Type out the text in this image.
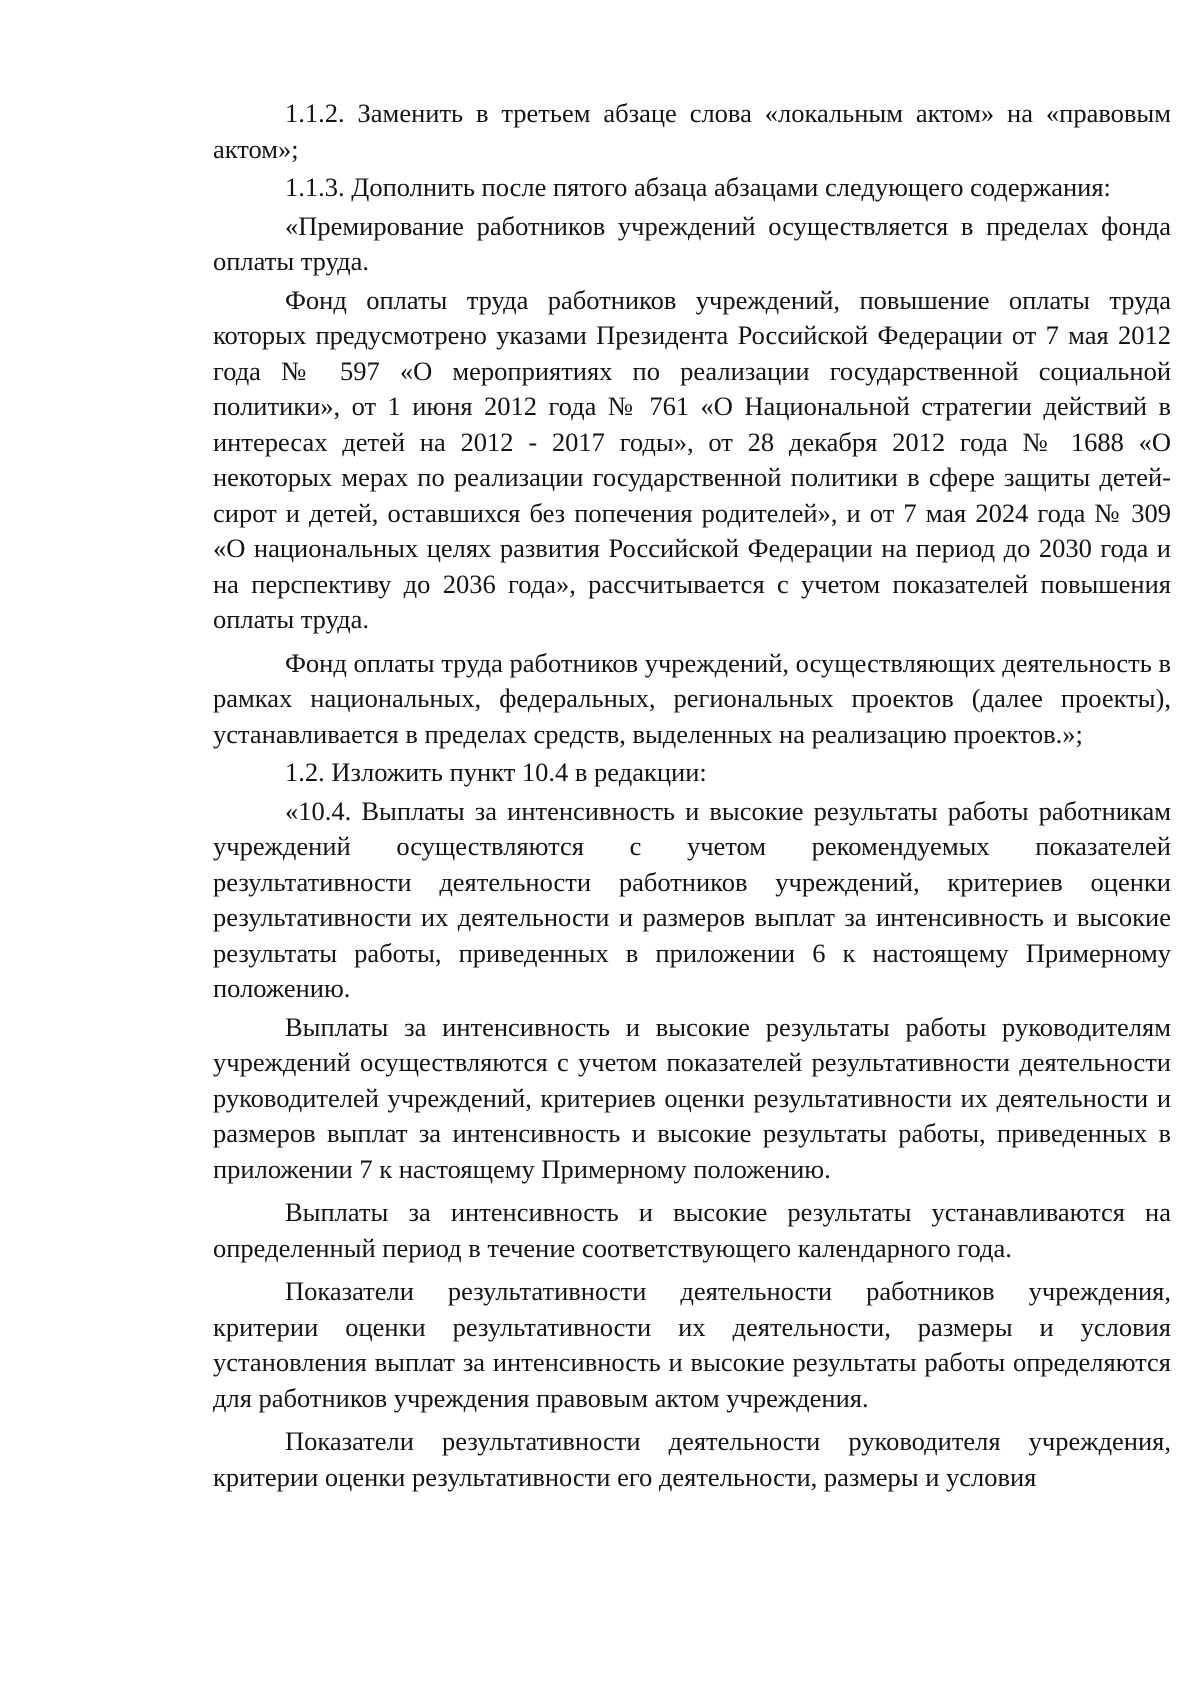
1.1.2. Заменить в третьем абзаце слова «локальным актом» на «правовым актом»;

1.1.3. Дополнить после пятого абзаца абзацами следующего содержания:

«Премирование работников учреждений осуществляется в пределах фонда оплаты труда.

Фонд оплаты труда работников учреждений, повышение оплаты труда которых предусмотрено указами Президента Российской Федерации от 7 мая 2012 года № 597 «О мероприятиях по реализации государственной социальной политики», от 1 июня 2012 года № 761 «О Национальной стратегии действий в интересах детей на 2012 - 2017 годы», от 28 декабря 2012 года № 1688 «О некоторых мерах по реализации государственной политики в сфере защиты детей-сирот и детей, оставшихся без попечения родителей», и от 7 мая 2024 года № 309 «О национальных целях развития Российской Федерации на период до 2030 года и на перспективу до 2036 года», рассчитывается с учетом показателей повышения оплаты труда.

Фонд оплаты труда работников учреждений, осуществляющих деятельность в рамках национальных, федеральных, региональных проектов (далее проекты), устанавливается в пределах средств, выделенных на реализацию проектов.»;

1.2. Изложить пункт 10.4 в редакции:

«10.4. Выплаты за интенсивность и высокие результаты работы работникам учреждений осуществляются с учетом рекомендуемых показателей результативности деятельности работников учреждений, критериев оценки результативности их деятельности и размеров выплат за интенсивность и высокие результаты работы, приведенных в приложении 6 к настоящему Примерному положению.

Выплаты за интенсивность и высокие результаты работы руководителям учреждений осуществляются с учетом показателей результативности деятельности руководителей учреждений, критериев оценки результативности их деятельности и размеров выплат за интенсивность и высокие результаты работы, приведенных в приложении 7 к настоящему Примерному положению.

Выплаты за интенсивность и высокие результаты устанавливаются на определенный период в течение соответствующего календарного года.

Показатели результативности деятельности работников учреждения, критерии оценки результативности их деятельности, размеры и условия установления выплат за интенсивность и высокие результаты работы определяются для работников учреждения правовым актом учреждения.

Показатели результативности деятельности руководителя учреждения, критерии оценки результативности его деятельности, размеры и условия
